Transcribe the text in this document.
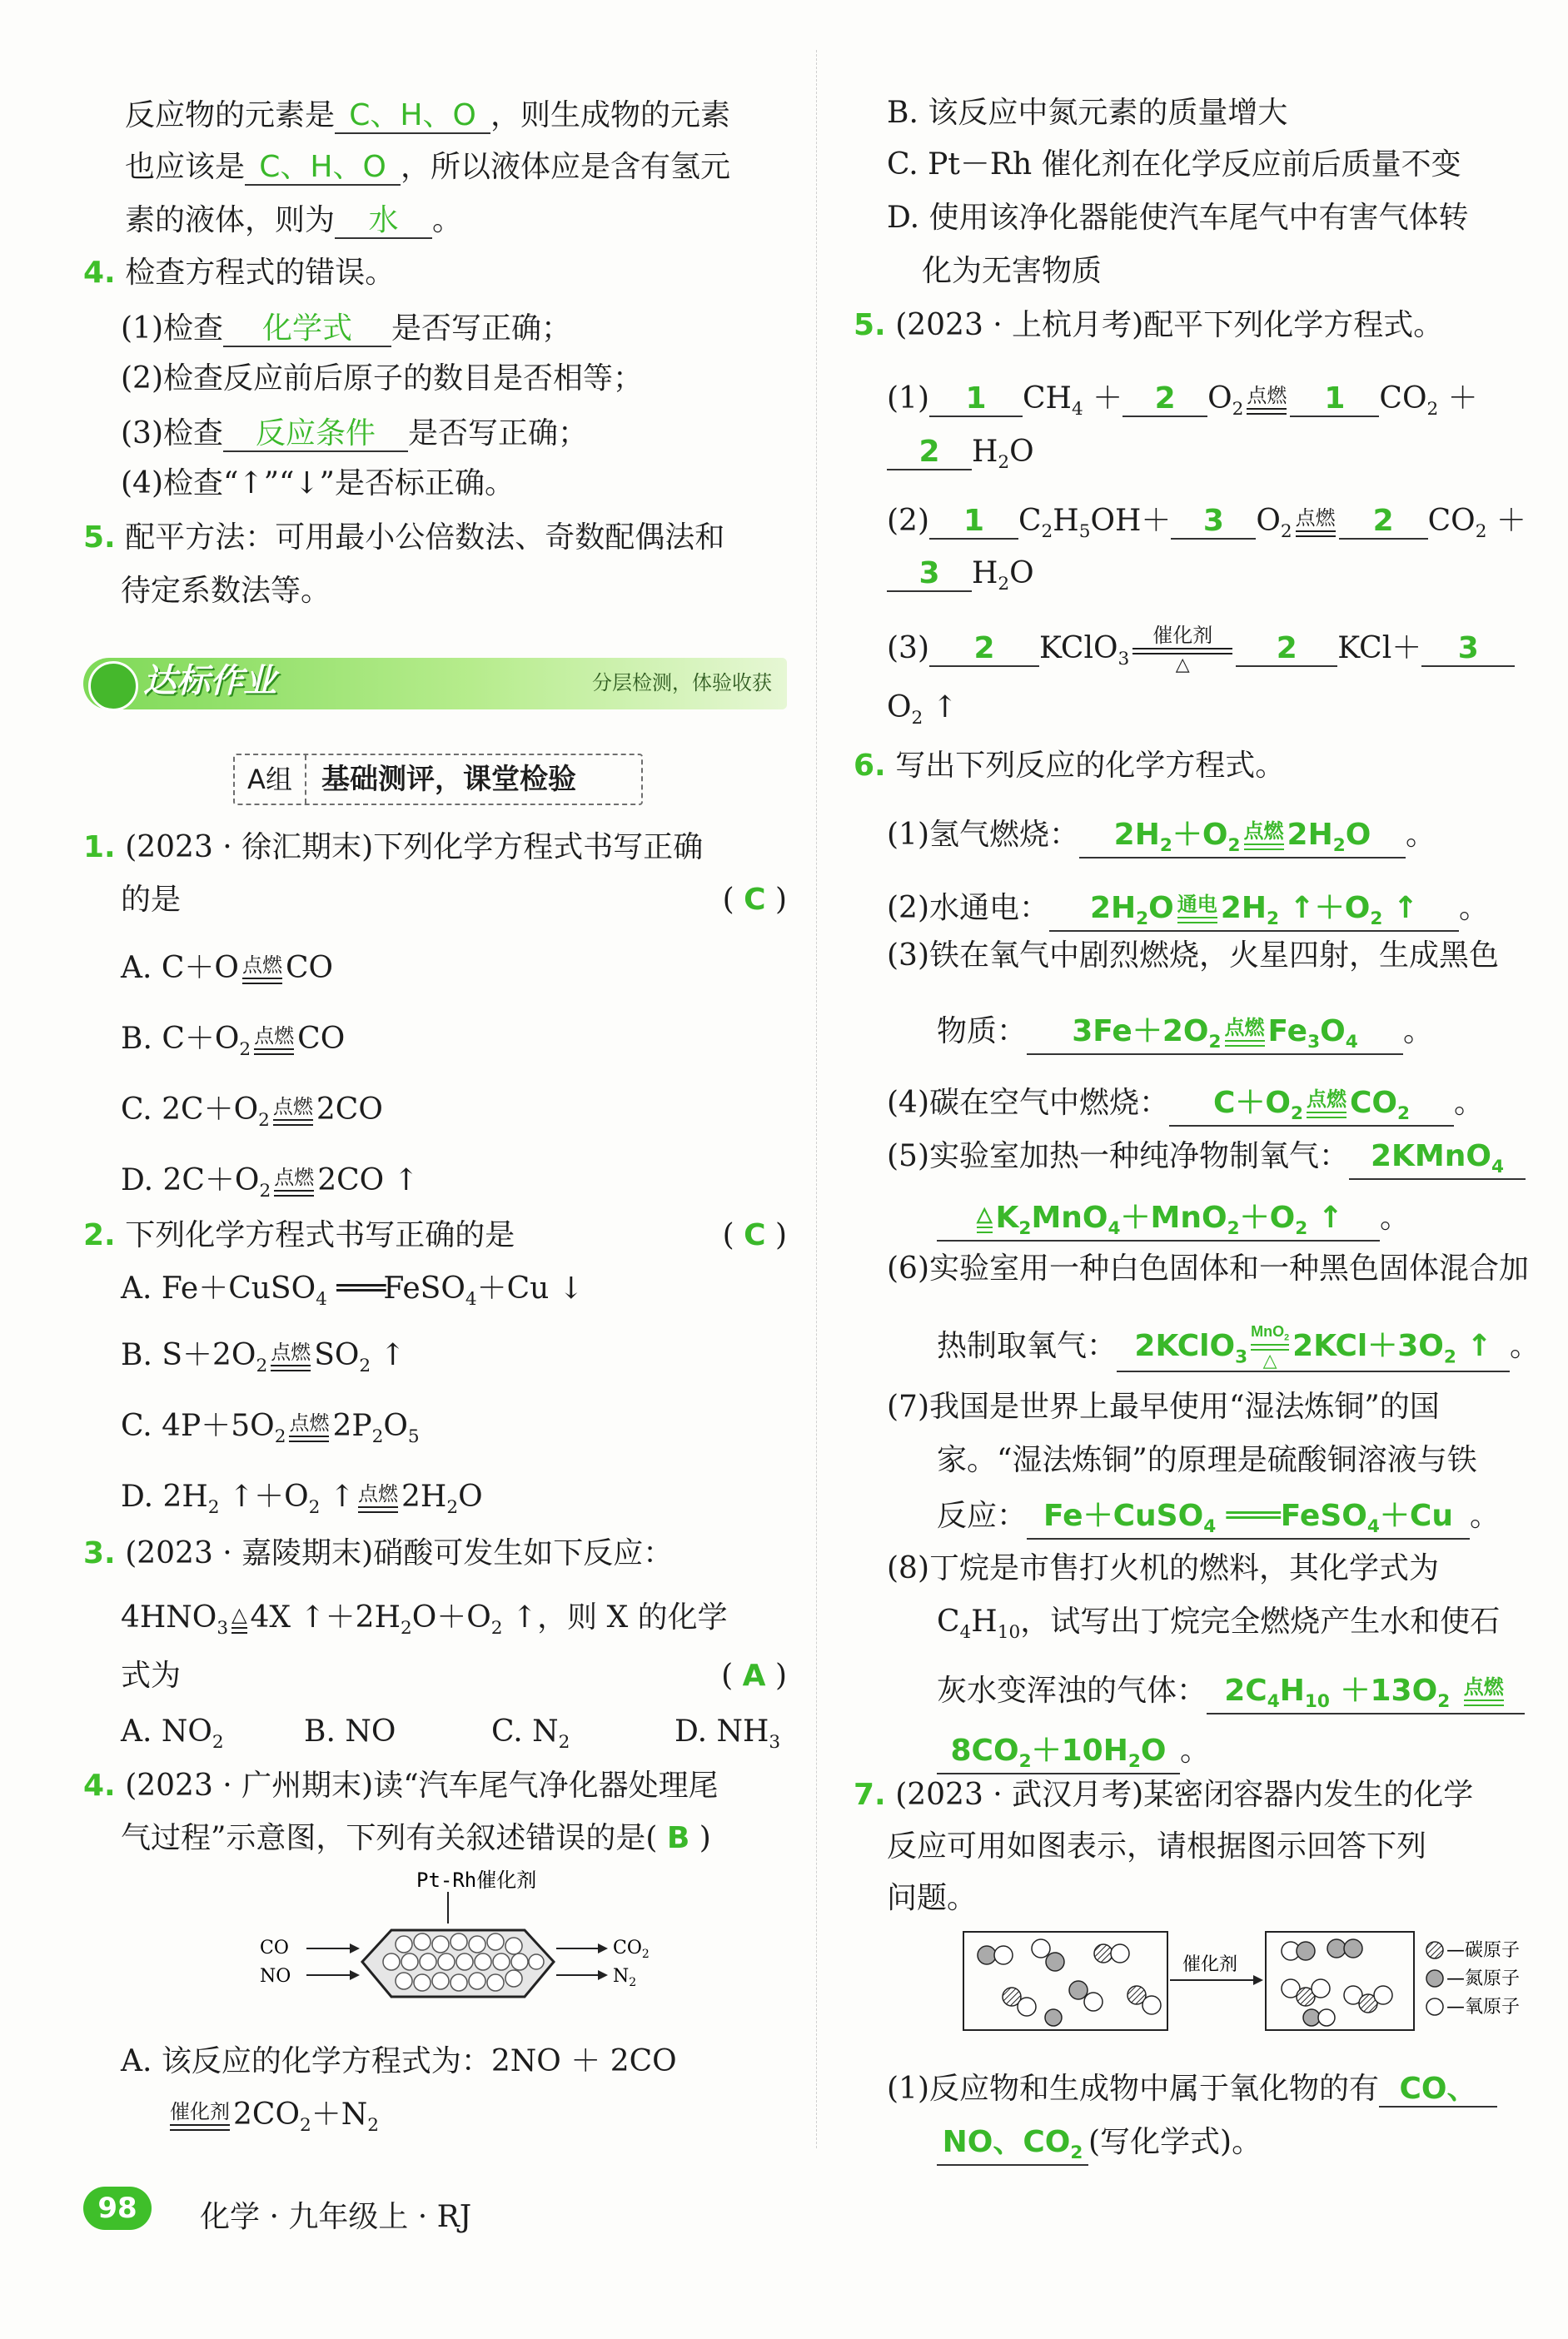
反应物的元素是 C、H、O ，则生成物的元素
也应该是 C、H、O ，所以液体应是含有氢元
素的液体，则为 水 。
4. 检查方程式的错误。
(1)检查 化学式 是否写正确；
(2)检查反应前后原子的数目是否相等；
(3)检查 反应条件 是否写正确；
(4)检查“↑”“↓”是否标正确。
5. 配平方法：可用最小公倍数法、奇数配偶法和
待定系数法等。
达标作业	分层检测，体验收获
A组	基础测评，课堂检验
1. (2023 · 徐汇期末)下列化学方程式书写正确
的是	( C )
A. C＋O 点燃 CO
B. $C+O_2$
点燃 CO
C. $2C+O_2$
点燃 2CO
D. $2C+O_2$
点燃 2CO ↑
2. 下列化学方程式书写正确的是	( C )
A. Fe＋CuSO$_4$ ═══FeSO$_4$＋Cu ↓
B. $S+2O_2$
点燃 $SO_2$ ↑
C. $4P+5O_2$
点燃 $2P_2O_5$
D. $2H_2$ $↑+O_2$ ↑ 点燃 $2H_2O$
3. (2023 · 嘉陵期末)硝酸可发生如下反应：
$4HNO_3$
△ 4X $↑+2H_2O+O_2$ ↑，则 X 的化学
式为	( A )
A. $NO_2$	B. NO	C. $N_2$	D. $NH_3$
4. (2023 · 广州期末)读“汽车尾气净化器处理尾
气过程”示意图，下列有关叙述错误的是( B )
Pt-Rh催化剂
CO
NO
$CO_2$
$N_2$
A. 该反应的化学方程式为：2NO ＋ 2CO
催化剂 $2CO_2+N_2$
B. 该反应中氮元素的质量增大
C. Pt－Rh 催化剂在化学反应前后质量不变
D. 使用该净化器能使汽车尾气中有害气体转
化为无害物质
5. (2023 · 上杭月考)配平下列化学方程式。
(1) 1 $CH_4 + 2$ $O_2$
点燃 1 $CO_2$ ＋
2 $H_2O$
(2) 1 $C_2H_5OH+ 3$ $O_2$
点燃 2 $CO_2$ ＋
3 $H_2O$
(3) 2 KClO$_3$
催化剂
△	2 KCl＋ 3
$O_2$ ↑
6. 写出下列反应的化学方程式。
(1)氢气燃烧： $2H_2+O_2$
点燃 $2H_2O$ 。
(2)水通电： $2H_2O$ 通电 $2H_2$ $↑+O_2$ ↑ 。
(3)铁在氧气中剧烈燃烧，火星四射，生成黑色
物质： $3Fe+2O_2$
点燃 $Fe_3O_4$ 。
(4)碳在空气中燃烧： $C+O_2$
点燃 $CO_2$ 。
(5)实验室加热一种纯净物制氧气： 2KMnO$_4$
△ $K_2MnO_4+MnO_2+O_2$ ↑ 。
(6)实验室用一种白色固体和一种黑色固体混合加
热制取氧气： 2KClO$_3$
MnO$_2$
△ $2KCl+3O_2$ ↑ 。
(7)我国是世界上最早使用“湿法炼铜”的国
家。“湿法炼铜”的原理是硫酸铜溶液与铁
反应： Fe＋CuSO$_4$ ═══FeSO$_4$＋Cu 。
(8)丁烷是市售打火机的燃料，其化学式为
$C_4H_{10}$，试写出丁烷完全燃烧产生水和使石
灰水变浑浊的气体： $2C_4H_{10} +13O_2$
点燃
$8CO_2+10H_2O$ 。
7. (2023 · 武汉月考)某密闭容器内发生的化学
反应可用如图表示，请根据图示回答下列
问题。
催化剂
—碳原子
—氮原子
—氧原子
(1)反应物和生成物中属于氧化物的有 CO、
NO、$CO_2$ (写化学式)。
98	化学 · 九年级上 · RJ
